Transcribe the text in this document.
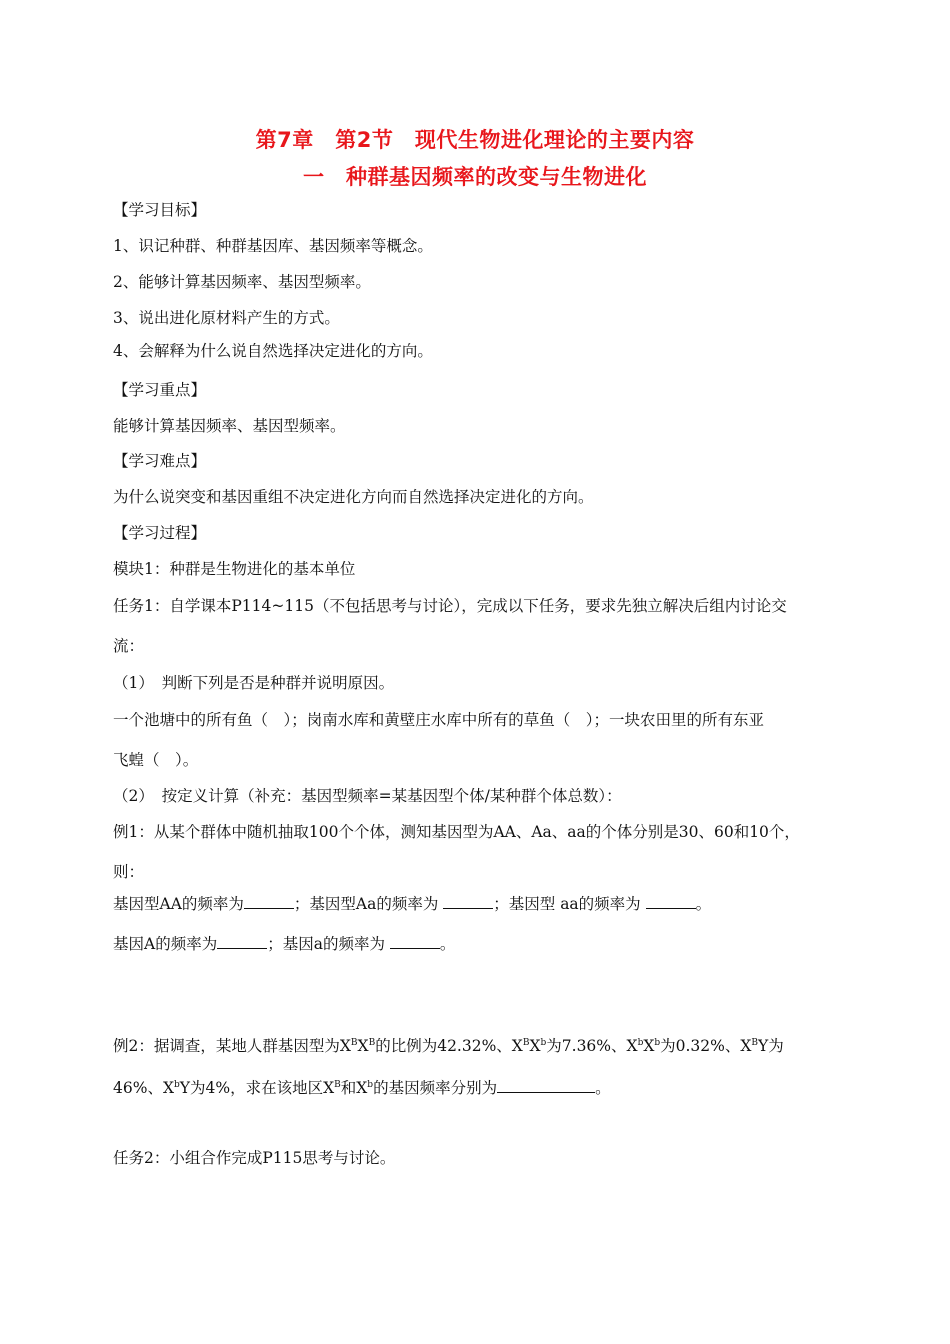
第7章　第2节　现代生物进化理论的主要内容
一　种群基因频率的改变与生物进化
【学习目标】
1、识记种群、种群基因库、基因频率等概念。
2、能够计算基因频率、基因型频率。
3、说出进化原材料产生的方式。
4、会解释为什么说自然选择决定进化的方向。
【学习重点】
能够计算基因频率、基因型频率。
【学习难点】
为什么说突变和基因重组不决定进化方向而自然选择决定进化的方向。
【学习过程】
模块1：种群是生物进化的基本单位
任务1：自学课本P114~115（不包括思考与讨论），完成以下任务，要求先独立解决后组内讨论交
流：
（1）　判断下列是否是种群并说明原因。
一个池塘中的所有鱼（　）；岗南水库和黄壁庄水库中所有的草鱼（　）；一块农田里的所有东亚
飞蝗（　）。
（2）　按定义计算（补充：基因型频率=某基因型个体/某种群个体总数）：
例1：从某个群体中随机抽取100个个体，测知基因型为AA、Aa、aa的个体分别是30、60和10个，
则：
基因型AA的频率为	；基因型Aa的频率为	；基因型 aa的频率为	。
基因A的频率为	；基因a的频率为	。
例2：据调查，某地人群基因型为$X^BX^B$的比例为42.32%、$X^BX^b$为7.36%、$X^bX^b$为0.32%、$X^BY$为
46%、$X^bY$为4%，求在该地区$X^B$和$X^b$的基因频率分别为	。
任务2：小组合作完成P115思考与讨论。
